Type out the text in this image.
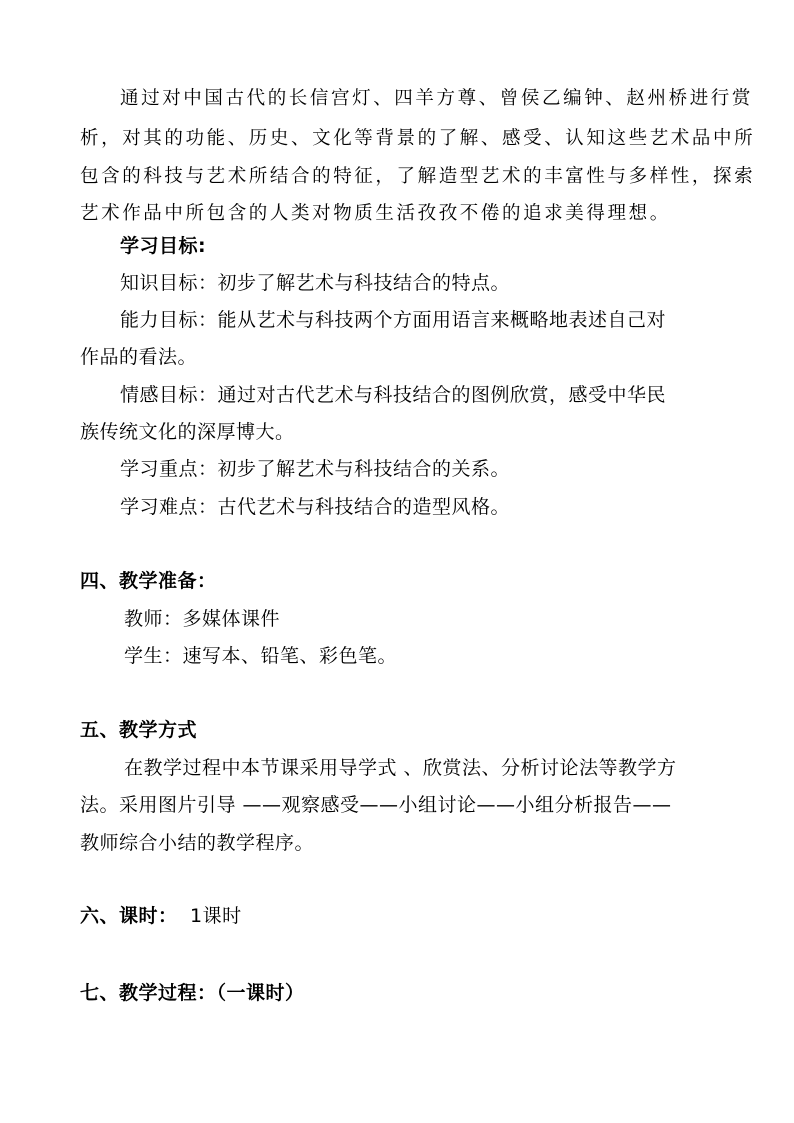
通过对中国古代的长信宫灯、四羊方尊、曾侯乙编钟、赵州桥进行赏
析，对其的功能、历史、文化等背景的了解、感受、认知这些艺术品中所
包含的科技与艺术所结合的特征，了解造型艺术的丰富性与多样性，探索
艺术作品中所包含的人类对物质生活孜孜不倦的追求美得理想。
学习目标:
知识目标：初步了解艺术与科技结合的特点。
能力目标：能从艺术与科技两个方面用语言来概略地表述自己对
作品的看法。
情感目标：通过对古代艺术与科技结合的图例欣赏，感受中华民
族传统文化的深厚博大。
学习重点：初步了解艺术与科技结合的关系。
学习难点：古代艺术与科技结合的造型风格。
四、教学准备：
教师：多媒体课件
学生：速写本、铅笔、彩色笔。
五、教学方式
在教学过程中本节课采用导学式 、欣赏法、分析讨论法等教学方
法。采用图片引导 ——观察感受——小组讨论——小组分析报告——
教师综合小结的教学程序。
六、课时： 1课时
七、教学过程：（一课时）
